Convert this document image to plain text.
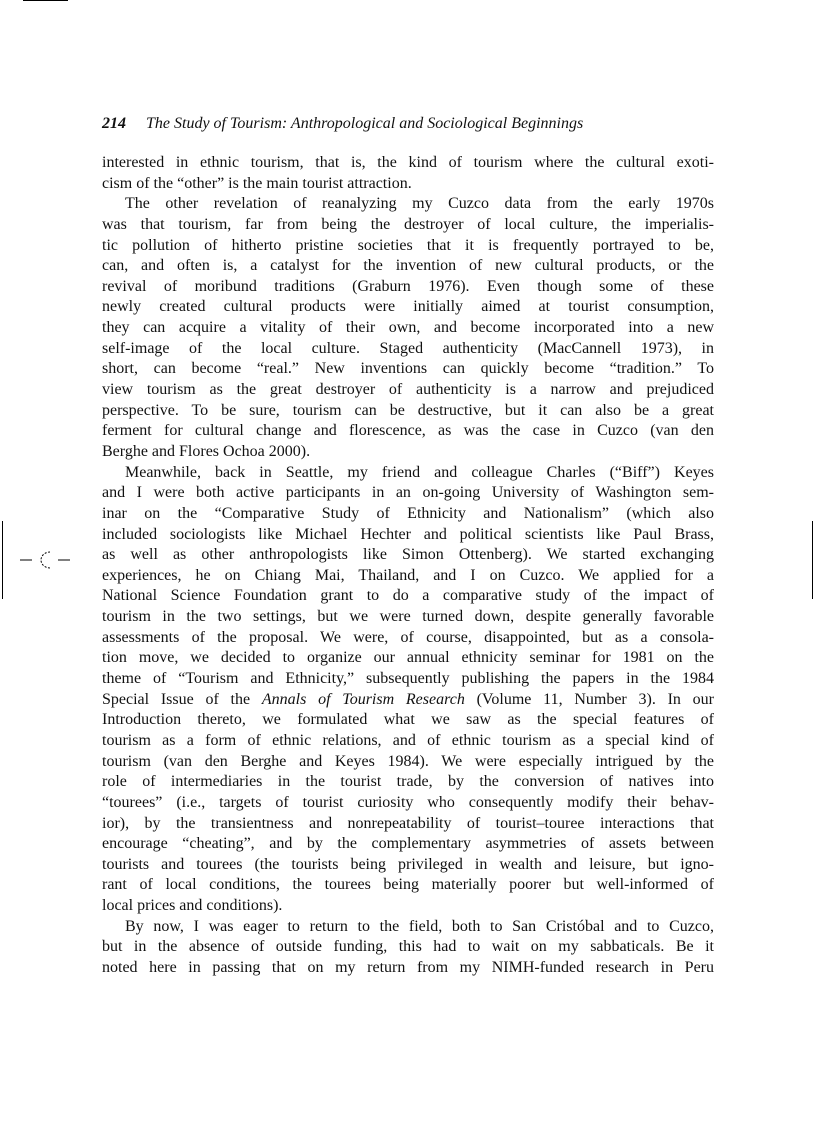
214 The Study of Tourism: Anthropological and Sociological Beginnings
interested in ethnic tourism, that is, the kind of tourism where the cultural exoti-
cism of the “other” is the main tourist attraction.
The other revelation of reanalyzing my Cuzco data from the early 1970s
was that tourism, far from being the destroyer of local culture, the imperialis-
tic pollution of hitherto pristine societies that it is frequently portrayed to be,
can, and often is, a catalyst for the invention of new cultural products, or the
revival of moribund traditions (Graburn 1976). Even though some of these
newly created cultural products were initially aimed at tourist consumption,
they can acquire a vitality of their own, and become incorporated into a new
self-image of the local culture. Staged authenticity (MacCannell 1973), in
short, can become “real.” New inventions can quickly become “tradition.” To
view tourism as the great destroyer of authenticity is a narrow and prejudiced
perspective. To be sure, tourism can be destructive, but it can also be a great
ferment for cultural change and florescence, as was the case in Cuzco (van den
Berghe and Flores Ochoa 2000).
Meanwhile, back in Seattle, my friend and colleague Charles (“Biff”) Keyes
and I were both active participants in an on-going University of Washington sem-
inar on the “Comparative Study of Ethnicity and Nationalism” (which also
included sociologists like Michael Hechter and political scientists like Paul Brass,
as well as other anthropologists like Simon Ottenberg). We started exchanging
experiences, he on Chiang Mai, Thailand, and I on Cuzco. We applied for a
National Science Foundation grant to do a comparative study of the impact of
tourism in the two settings, but we were turned down, despite generally favorable
assessments of the proposal. We were, of course, disappointed, but as a consola-
tion move, we decided to organize our annual ethnicity seminar for 1981 on the
theme of “Tourism and Ethnicity,” subsequently publishing the papers in the 1984
Special Issue of the Annals of Tourism Research (Volume 11, Number 3). In our
Introduction thereto, we formulated what we saw as the special features of
tourism as a form of ethnic relations, and of ethnic tourism as a special kind of
tourism (van den Berghe and Keyes 1984). We were especially intrigued by the
role of intermediaries in the tourist trade, by the conversion of natives into
“tourees” (i.e., targets of tourist curiosity who consequently modify their behav-
ior), by the transientness and nonrepeatability of tourist–touree interactions that
encourage “cheating”, and by the complementary asymmetries of assets between
tourists and tourees (the tourists being privileged in wealth and leisure, but igno-
rant of local conditions, the tourees being materially poorer but well-informed of
local prices and conditions).
By now, I was eager to return to the field, both to San Cristóbal and to Cuzco,
but in the absence of outside funding, this had to wait on my sabbaticals. Be it
noted here in passing that on my return from my NIMH-funded research in Peru
